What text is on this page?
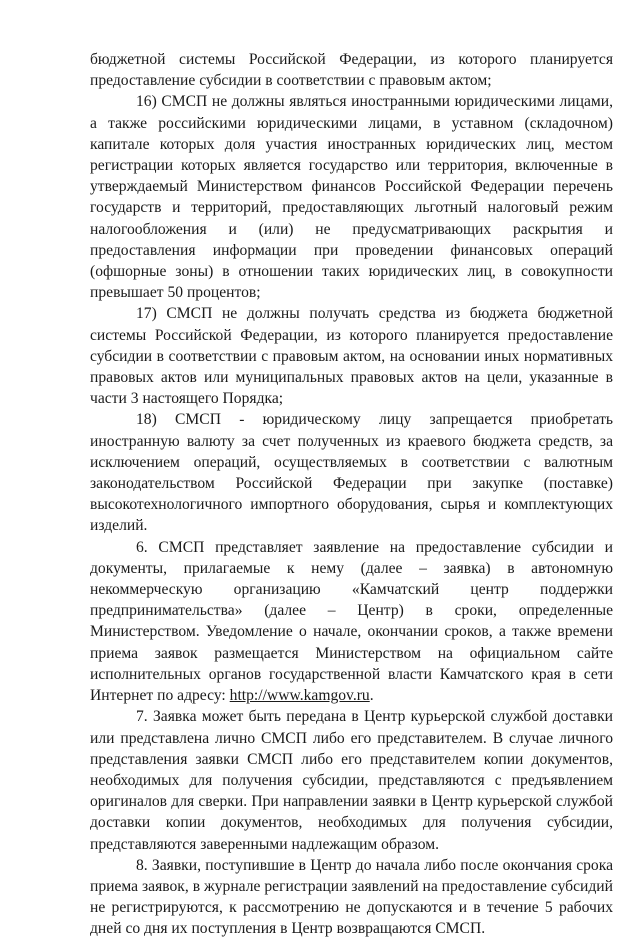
бюджетной системы Российской Федерации, из которого планируется предоставление субсидии в соответствии с правовым актом;

16) СМСП не должны являться иностранными юридическими лицами, а также российскими юридическими лицами, в уставном (складочном) капитале которых доля участия иностранных юридических лиц, местом регистрации которых является государство или территория, включенные в утверждаемый Министерством финансов Российской Федерации перечень государств и территорий, предоставляющих льготный налоговый режим налогообложения и (или) не предусматривающих раскрытия и предоставления информации при проведении финансовых операций (офшорные зоны) в отношении таких юридических лиц, в совокупности превышает 50 процентов;

17) СМСП не должны получать средства из бюджета бюджетной системы Российской Федерации, из которого планируется предоставление субсидии в соответствии с правовым актом, на основании иных нормативных правовых актов или муниципальных правовых актов на цели, указанные в части 3 настоящего Порядка;

18) СМСП - юридическому лицу запрещается приобретать иностранную валюту за счет полученных из краевого бюджета средств, за исключением операций, осуществляемых в соответствии с валютным законодательством Российской Федерации при закупке (поставке) высокотехнологичного импортного оборудования, сырья и комплектующих изделий.

6. СМСП представляет заявление на предоставление субсидии и документы, прилагаемые к нему (далее – заявка) в автономную некоммерческую организацию «Камчатский центр поддержки предпринимательства» (далее – Центр) в сроки, определенные Министерством. Уведомление о начале, окончании сроков, а также времени приема заявок размещается Министерством на официальном сайте исполнительных органов государственной власти Камчатского края в сети Интернет по адресу: http://www.kamgov.ru.

7. Заявка может быть передана в Центр курьерской службой доставки или представлена лично СМСП либо его представителем. В случае личного представления заявки СМСП либо его представителем копии документов, необходимых для получения субсидии, представляются с предъявлением оригиналов для сверки. При направлении заявки в Центр курьерской службой доставки копии документов, необходимых для получения субсидии, представляются заверенными надлежащим образом.

8. Заявки, поступившие в Центр до начала либо после окончания срока приема заявок, в журнале регистрации заявлений на предоставление субсидий не регистрируются, к рассмотрению не допускаются и в течение 5 рабочих дней со дня их поступления в Центр возвращаются СМСП.
